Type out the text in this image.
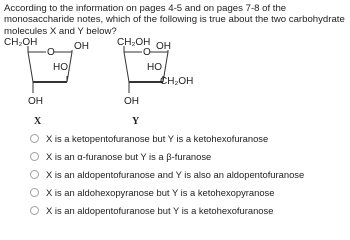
According to the information on pages 4-5 and on pages 7-8 of the monosaccharide notes, which of the following is true about the two carbohydrate molecules X and Y below?

CH₂OH
O
OH
HO
OH
X
CH₂OH
O
OH
HO
CH₂OH
OH
Y
X is a ketopentofuranose but Y is a ketohexofuranose
X is an α-furanose but Y is a β-furanose
X is an aldopentofuranose and Y is also an aldopentofuranose
X is an aldohexopyranose but Y is a ketohexopyranose
X is an aldopentofuranose but Y is a ketohexofuranose
